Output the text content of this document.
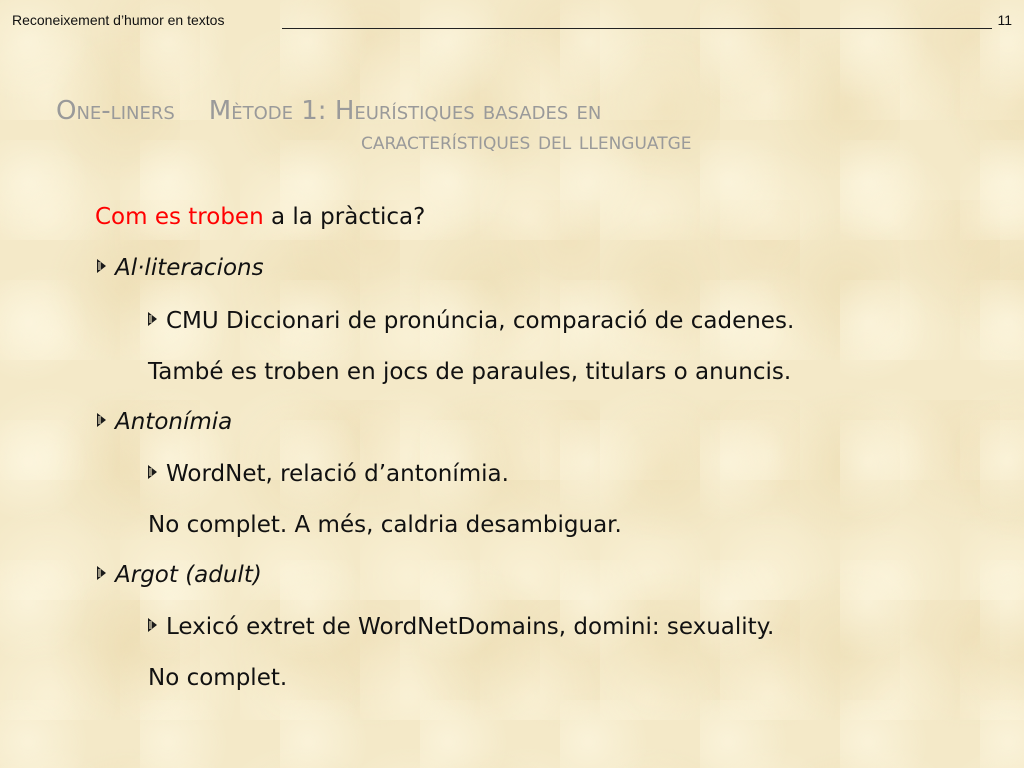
Reconeixement d’humor en textos	11
One-liners Mètode 1: Heurístiques basades en
característiques del llenguatge
Com es troben a la pràctica?
Al·literacions
CMU Diccionari de pronúncia, comparació de cadenes.
També es troben en jocs de paraules, titulars o anuncis.
Antonímia
WordNet, relació d’antonímia.
No complet. A més, caldria desambiguar.
Argot (adult)
Lexicó extret de WordNetDomains, domini: sexuality.
No complet.
